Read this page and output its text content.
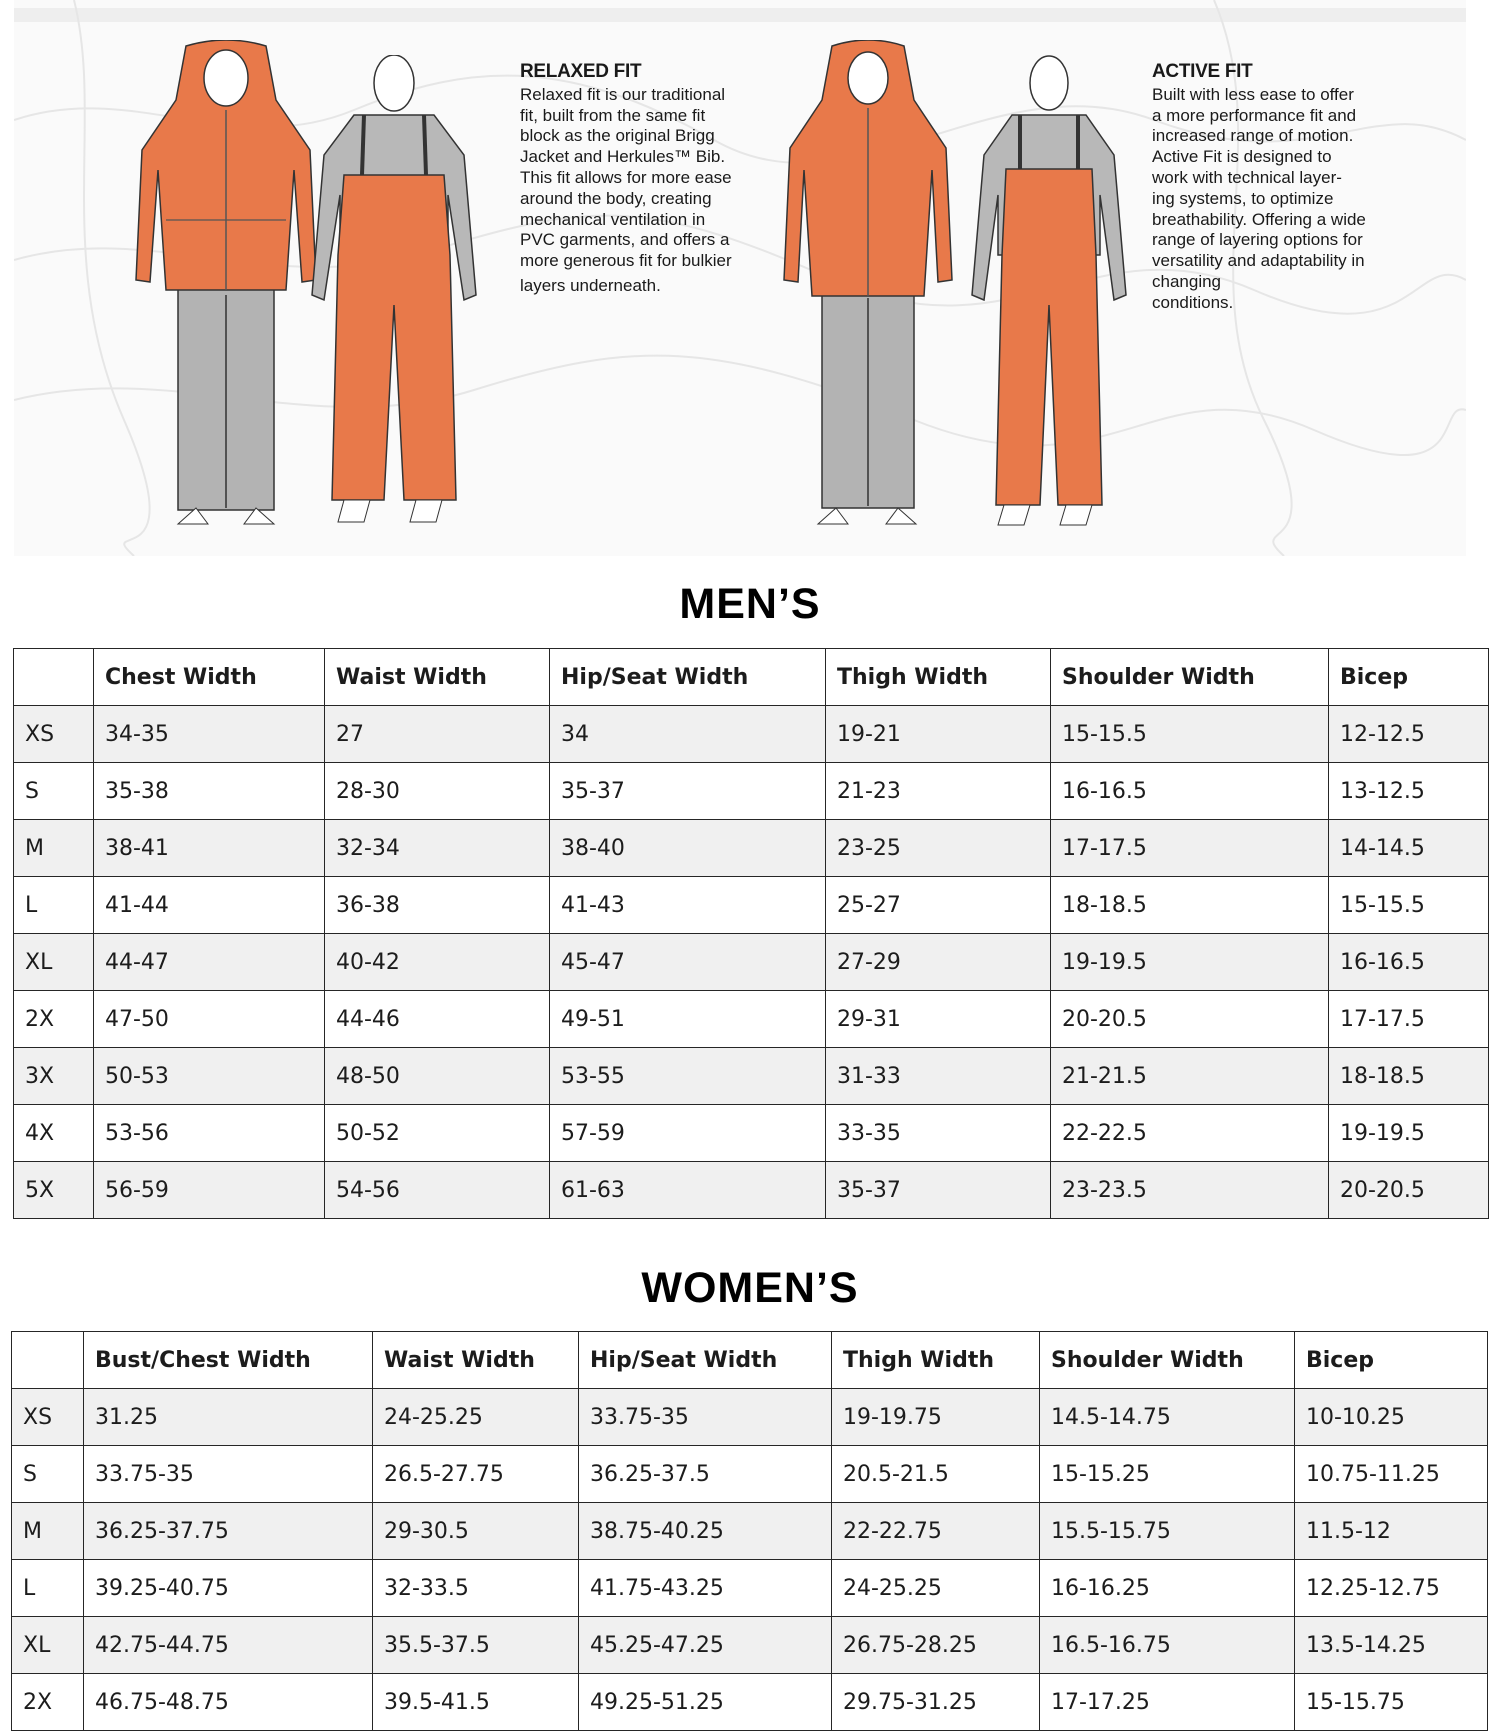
RELAXED FIT
Relaxed fit is our traditional
fit, built from the same fit
block as the original Brigg
Jacket and Herkules™ Bib.
This fit allows for more ease
around the body, creating
mechanical ventilation in
PVC garments, and offers a
more generous fit for bulkier
layers underneath.
ACTIVE FIT
Built with less ease to offer
a more performance fit and
increased range of motion.
Active Fit is designed to
work with technical layer-
ing systems, to optimize
breathability. Offering a wide
range of layering options for
versatility and adaptability in
changing
conditions.
MEN’S
	Chest Width	Waist Width	Hip/Seat Width	Thigh Width	Shoulder Width	Bicep
XS	34-35	27	34	19-21	15-15.5	12-12.5
S	35-38	28-30	35-37	21-23	16-16.5	13-12.5
M	38-41	32-34	38-40	23-25	17-17.5	14-14.5
L	41-44	36-38	41-43	25-27	18-18.5	15-15.5
XL	44-47	40-42	45-47	27-29	19-19.5	16-16.5
2X	47-50	44-46	49-51	29-31	20-20.5	17-17.5
3X	50-53	48-50	53-55	31-33	21-21.5	18-18.5
4X	53-56	50-52	57-59	33-35	22-22.5	19-19.5
5X	56-59	54-56	61-63	35-37	23-23.5	20-20.5
WOMEN’S
	Bust/Chest Width	Waist Width	Hip/Seat Width	Thigh Width	Shoulder Width	Bicep
XS	31.25	24-25.25	33.75-35	19-19.75	14.5-14.75	10-10.25
S	33.75-35	26.5-27.75	36.25-37.5	20.5-21.5	15-15.25	10.75-11.25
M	36.25-37.75	29-30.5	38.75-40.25	22-22.75	15.5-15.75	11.5-12
L	39.25-40.75	32-33.5	41.75-43.25	24-25.25	16-16.25	12.25-12.75
XL	42.75-44.75	35.5-37.5	45.25-47.25	26.75-28.25	16.5-16.75	13.5-14.25
2X	46.75-48.75	39.5-41.5	49.25-51.25	29.75-31.25	17-17.25	15-15.75
